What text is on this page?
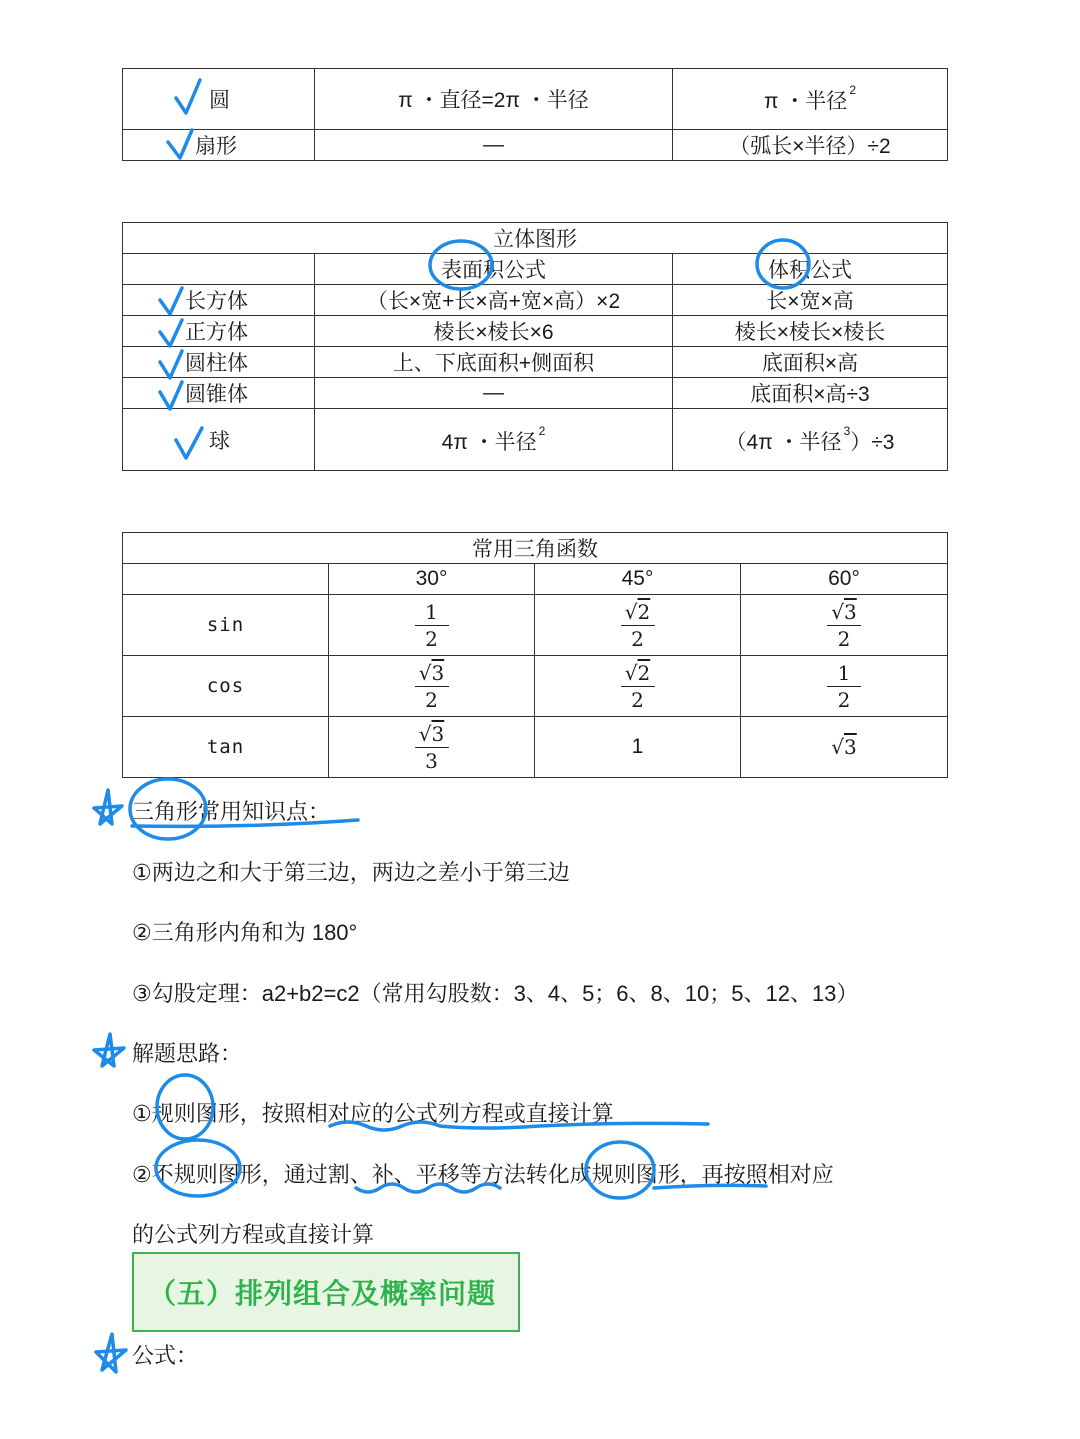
圆	π ・直径=2π ・半径	π ・半径 $^2$
扇形	—	（弧长×半径）÷2
立体图形		
	表面积公式	体积公式
长方体	（长×宽+长×高+宽×高）×2	长×宽×高
正方体	棱长×棱长×6	棱长×棱长×棱长
圆柱体	上、下底面积+侧面积	底面积×高
圆锥体	—	底面积×高÷3
球	4π ・半径 $^2$	（4π ・半径 $^3$）÷3
常用三角函数			
	30°	45°	60°
sin	$\frac{1}{2}$	$\frac{√2}{2}$	$\frac{√3}{2}$

cos	$\frac{√3}{2}$	$\frac{√2}{2}$	$\frac{1}{2}$

tan	$\frac{√3}{3}$	1	√3
三角形常用知识点：
①两边之和大于第三边，两边之差小于第三边
②三角形内角和为 180°
③勾股定理：a2+b2=c2（常用勾股数：3、4、5；6、8、10；5、12、13）
解题思路：
①规则图形，按照相对应的公式列方程或直接计算
②不规则图形，通过割、补、平移等方法转化成规则图形，再按照相对应
的公式列方程或直接计算
（五）排列组合及概率问题
公式：
